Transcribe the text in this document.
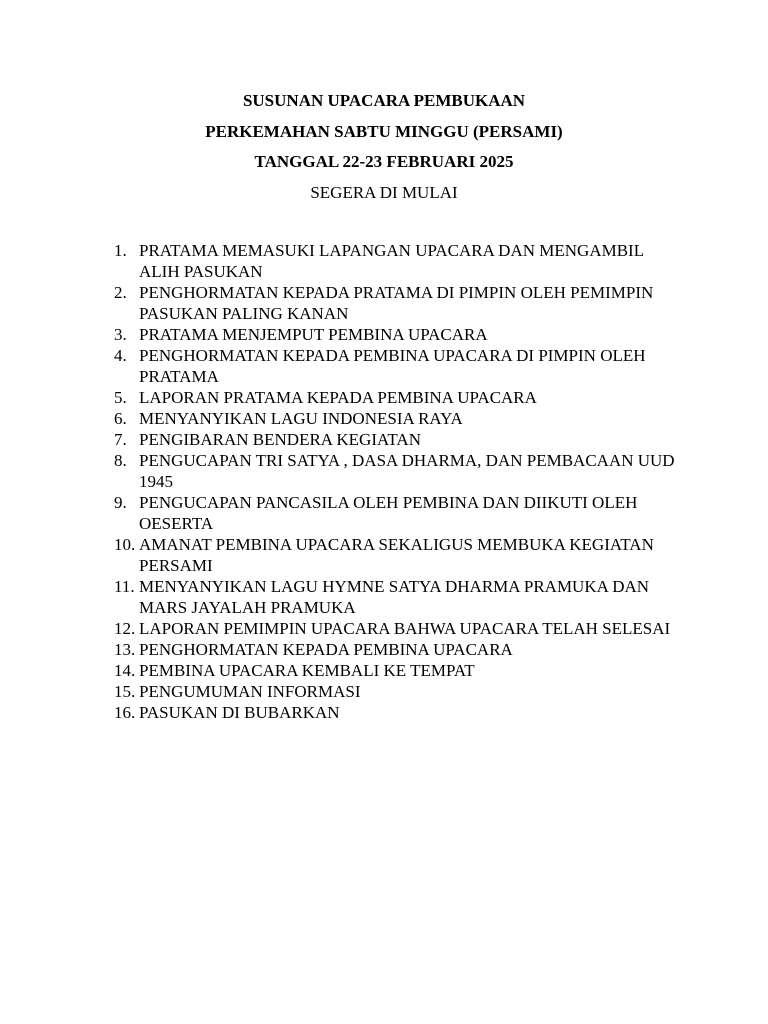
SUSUNAN UPACARA PEMBUKAAN
PERKEMAHAN SABTU MINGGU (PERSAMI)
TANGGAL 22-23 FEBRUARI 2025
SEGERA DI MULAI
1. PRATAMA MEMASUKI LAPANGAN UPACARA DAN MENGAMBIL ALIH PASUKAN
2. PENGHORMATAN KEPADA PRATAMA DI PIMPIN OLEH PEMIMPIN PASUKAN PALING KANAN
3. PRATAMA MENJEMPUT PEMBINA UPACARA
4. PENGHORMATAN KEPADA PEMBINA UPACARA DI PIMPIN OLEH PRATAMA
5. LAPORAN PRATAMA KEPADA PEMBINA UPACARA
6. MENYANYIKAN LAGU INDONESIA RAYA
7. PENGIBARAN BENDERA KEGIATAN
8. PENGUCAPAN TRI SATYA , DASA DHARMA, DAN PEMBACAAN UUD 1945
9. PENGUCAPAN PANCASILA OLEH PEMBINA DAN DIIKUTI OLEH OESERTA
10. AMANAT PEMBINA UPACARA SEKALIGUS MEMBUKA KEGIATAN PERSAMI
11. MENYANYIKAN LAGU HYMNE SATYA DHARMA PRAMUKA DAN MARS JAYALAH PRAMUKA
12. LAPORAN PEMIMPIN UPACARA BAHWA UPACARA TELAH SELESAI
13. PENGHORMATAN KEPADA PEMBINA UPACARA
14. PEMBINA UPACARA KEMBALI KE TEMPAT
15. PENGUMUMAN INFORMASI
16. PASUKAN DI BUBARKAN
